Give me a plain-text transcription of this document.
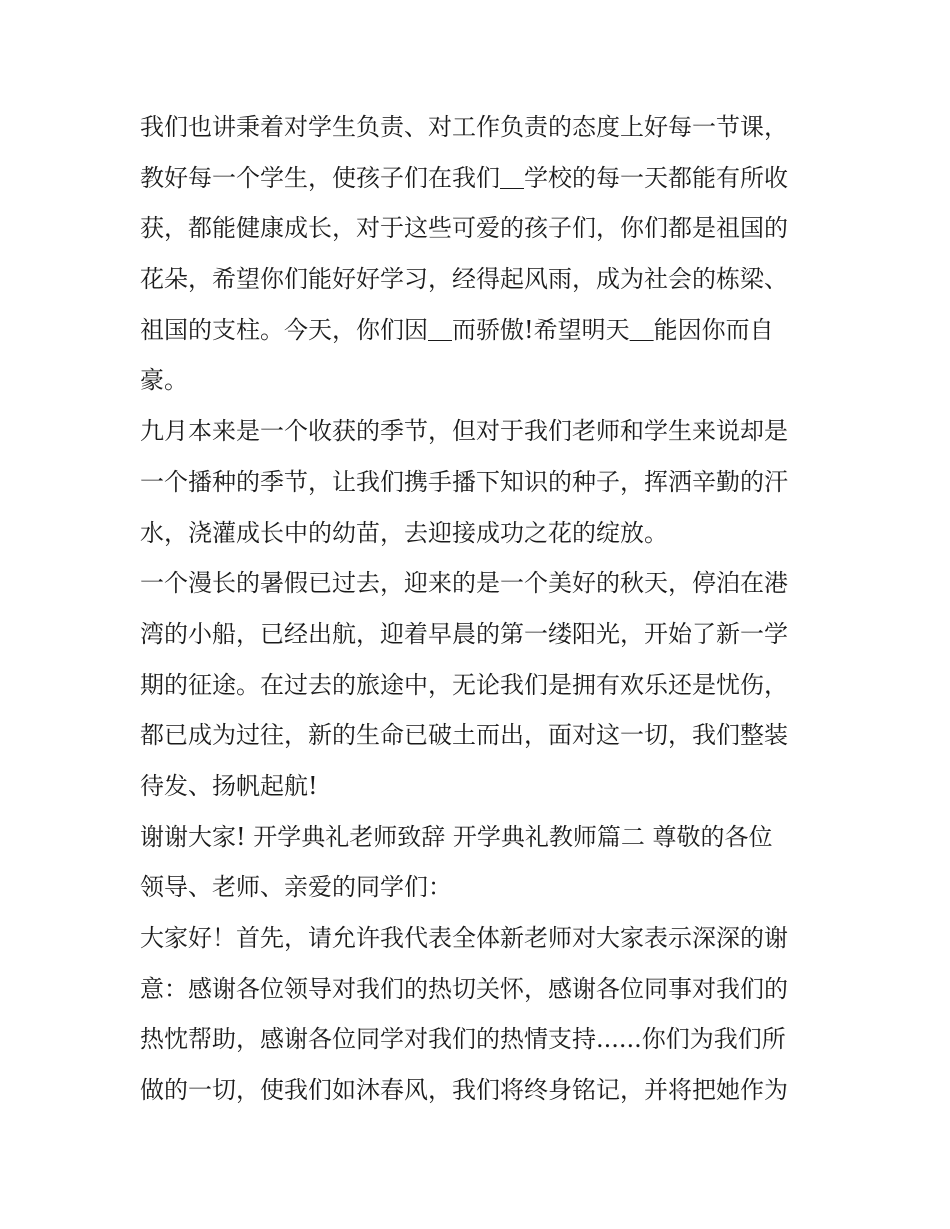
我们也讲秉着对学生负责、对工作负责的态度上好每一节课，
教好每一个学生，使孩子们在我们＿学校的每一天都能有所收
获，都能健康成长，对于这些可爱的孩子们，你们都是祖国的
花朵，希望你们能好好学习，经得起风雨，成为社会的栋梁、
祖国的支柱。今天，你们因＿而骄傲!希望明天＿能因你而自
豪。
九月本来是一个收获的季节，但对于我们老师和学生来说却是
一个播种的季节，让我们携手播下知识的种子，挥洒辛勤的汗
水，浇灌成长中的幼苗，去迎接成功之花的绽放。
一个漫长的暑假已过去，迎来的是一个美好的秋天，停泊在港
湾的小船，已经出航，迎着早晨的第一缕阳光，开始了新一学
期的征途。在过去的旅途中，无论我们是拥有欢乐还是忧伤，
都已成为过往，新的生命已破土而出，面对这一切，我们整装
待发、扬帆起航!
谢谢大家! 开学典礼老师致辞 开学典礼教师篇二 尊敬的各位
领导、老师、亲爱的同学们：
大家好！首先，请允许我代表全体新老师对大家表示深深的谢
意：感谢各位领导对我们的热切关怀，感谢各位同事对我们的
热忱帮助，感谢各位同学对我们的热情支持......你们为我们所
做的一切，使我们如沐春风，我们将终身铭记，并将把她作为
